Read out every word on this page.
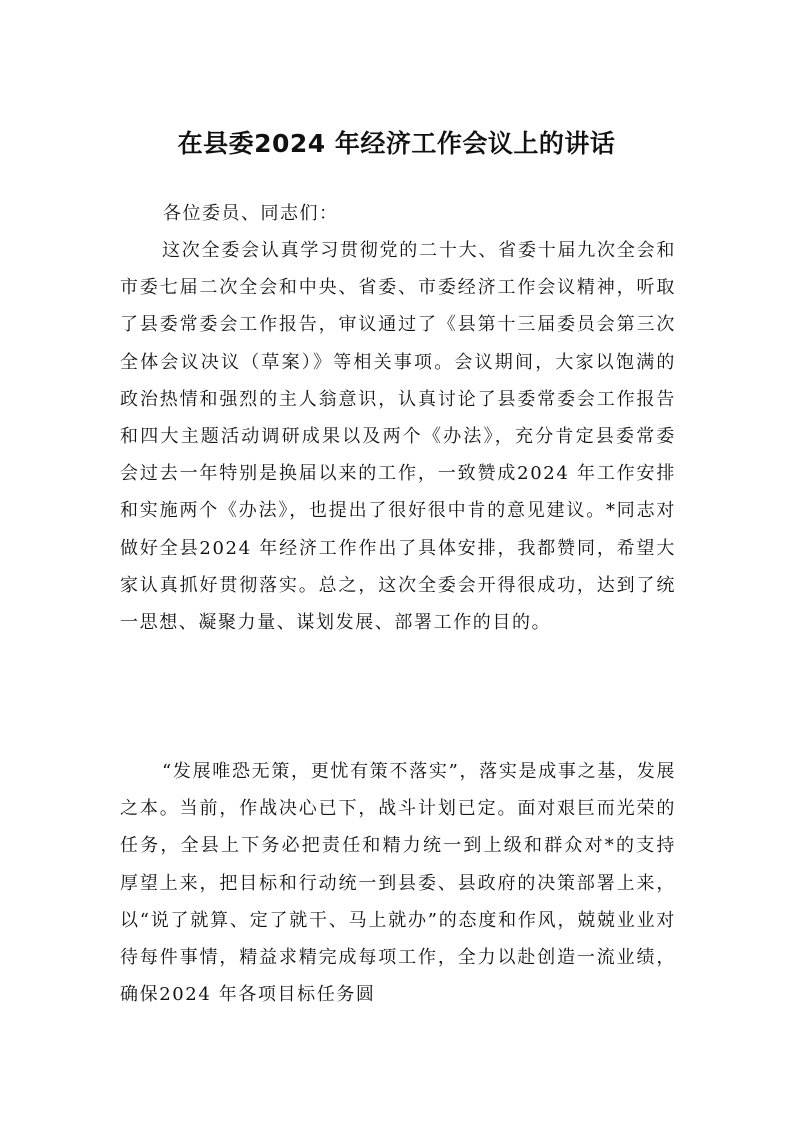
在县委2024 年经济工作会议上的讲话
各位委员、同志们：

这次全委会认真学习贯彻党的二十大、省委十届九次全会和市委七届二次全会和中央、省委、市委经济工作会议精神，听取了县委常委会工作报告，审议通过了《县第十三届委员会第三次全体会议决议（草案）》等相关事项。会议期间，大家以饱满的政治热情和强烈的主人翁意识，认真讨论了县委常委会工作报告和四大主题活动调研成果以及两个《办法》，充分肯定县委常委会过去一年特别是换届以来的工作，一致赞成2024 年工作安排和实施两个《办法》，也提出了很好很中肯的意见建议。*同志对做好全县2024 年经济工作作出了具体安排，我都赞同，希望大家认真抓好贯彻落实。总之，这次全委会开得很成功，达到了统一思想、凝聚力量、谋划发展、部署工作的目的。

“发展唯恐无策，更忧有策不落实”，落实是成事之基，发展之本。当前，作战决心已下，战斗计划已定。面对艰巨而光荣的任务，全县上下务必把责任和精力统一到上级和群众对*的支持厚望上来，把目标和行动统一到县委、县政府的决策部署上来，以“说了就算、定了就干、马上就办”的态度和作风，兢兢业业对待每件事情，精益求精完成每项工作，全力以赴创造一流业绩，确保2024 年各项目标任务圆
